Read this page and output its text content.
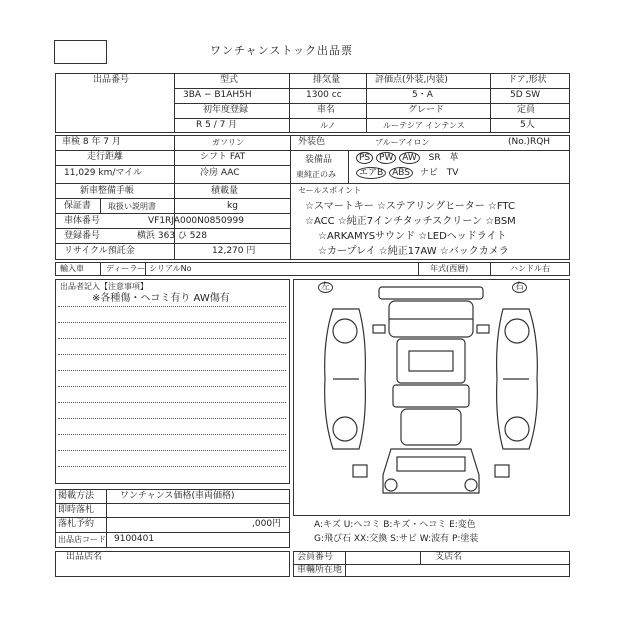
ワンチャンストック出品票
出品番号	型式	排気量	評価点(外装,内装)	ドア,形状
3BA − B1AH5H	1300 cc	5・A	5D SW
初年度登録	車名	グレード	定員
R 5 / 7 月	ルノ	ルーテシア インテンス	5人
車検 8 年 7 月	ガソリン	外装色	ブルーアイロン	(No.)RQH
走行距離	シフト FAT	装備品
11,029 km/マイル	冷房 AAC
PS PW AW SR 革
東純正のみ	エアB ABS ナビ TV
新車整備手帳	積載量	セールスポイント
保証書 取扱い説明書	kg
車体番号	VF1RJA000N0850999
登録番号	横浜 363 ひ 528
リサイクル預託金	12,270 円
☆スマートキー ☆ステアリングヒーター ☆FTC
☆ACC ☆純正7インチタッチスクリーン ☆BSM
☆ARKAMYSサウンド ☆LEDヘッドライト
☆カープレイ ☆純正17AW ☆バックカメラ
輸入車	ディーラー シリアルNo	年式(西暦)	ハンドル右
出品者記入【注意事項】
※各種傷・ヘコミ有り AW傷有
左	右
A:キズ U:ヘコミ B:キズ・ヘコミ E:変色
G:飛び石 XX:交換 S:サビ W:波有 P:塗装
掲載方法	ワンチャンス価格(車両価格)
即時落札
落札予約	,000円
出品店コード 9100401
出品店名	会員番号	支店名
車輛所在地
